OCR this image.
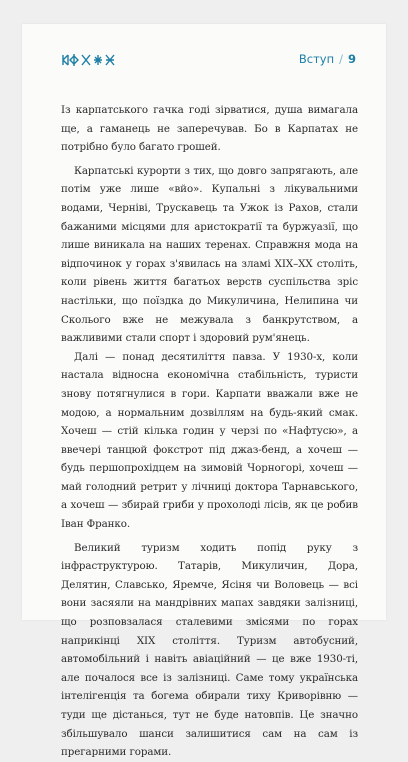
Вступ / 9

Із карпатського гачка годі зірватися, душа вимагала ще, а гаманець не заперечував. Бо в Карпатах не потрібно було багато грошей.

Карпатські курорти з тих, що довго запрягають, але потім уже лише «вйо». Купальні з лікувальними водами, Черніві, Трускавець та Ужок із Рахов, стали бажаними місцями для аристократії та буржуазії, що лише виникала на наших теренах. Справжня мода на відпочинок у горах з'явилась на зламі XIX–XX століть, коли рівень життя багатьох верств суспільства зріс настільки, що поїздка до Микуличина, Нелипина чи Сколього вже не межувала з банкрутством, а важливими стали спорт і здоровий рум'янець.

Далі — понад десятиліття павза. У 1930-х, коли настала відносна економічна стабільність, туристи знову потягнулися в гори. Карпати вважали вже не модою, а нормальним дозвіллям на будь-який смак. Хочеш — стій кілька годин у черзі по «Нафтусю», а ввечері танцюй фокстрот під джаз-бенд, а хочеш — будь першопрохідцем на зимовій Чорногорі, хочеш — май голодний ретрит у лічниці доктора Тарнавського, а хочеш — збирай гриби у прохолоді лісів, як це робив Іван Франко.

Великий туризм ходить попід руку з інфраструктурою. Татарів, Микуличин, Дора, Делятин, Славсько, Яремче, Ясіня чи Воловець — всі вони засяяли на мандрівних мапах завдяки залізниці, що розповзалася сталевими змісями по горах наприкінці XIX століття. Туризм автобусний, автомобільний і навіть авіаційний — це вже 1930-ті, але почалося все із залізниці. Саме тому українська інтелігенція та богема обирали тиху Криворівню — туди ще дістанься, тут не буде натовпів. Це значно збільшувало шанси залишитися сам на сам із прегарними горами.
